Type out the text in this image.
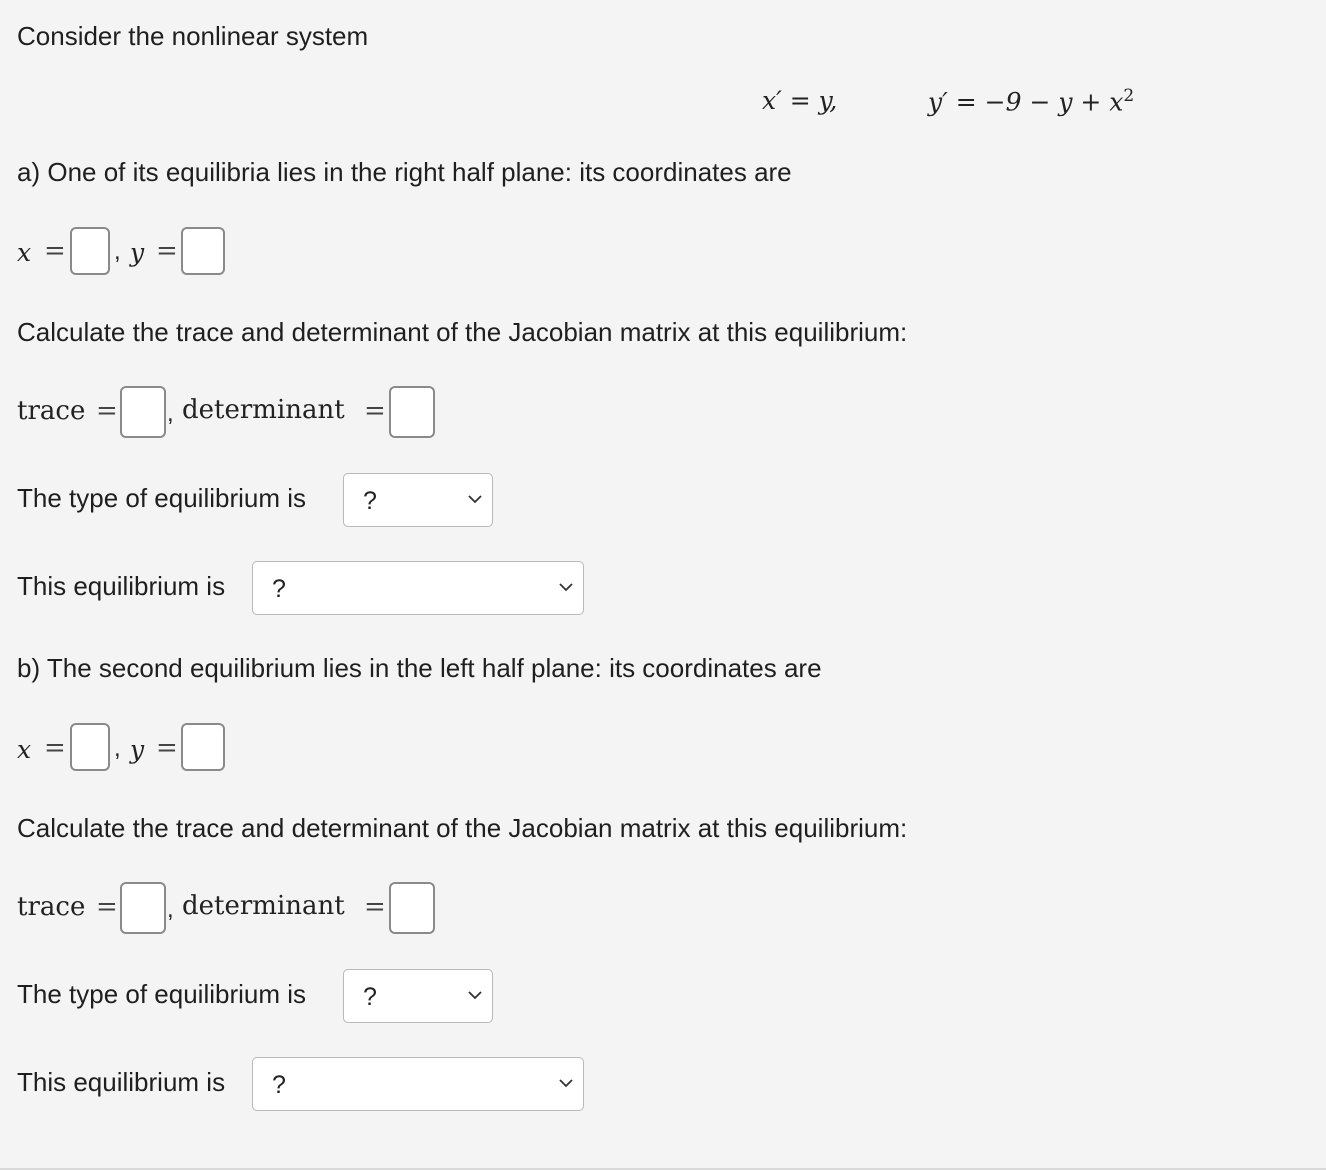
Consider the nonlinear system
x′ = y,	$y' = -9 - y + x^2$
a) One of its equilibria lies in the right half plane: its coordinates are
x = , y =
Calculate the trace and determinant of the Jacobian matrix at this equilibrium:
trace = , determinant =
The type of equilibrium is ?
This equilibrium is ?
b) The second equilibrium lies in the left half plane: its coordinates are
x = , y =
Calculate the trace and determinant of the Jacobian matrix at this equilibrium:
trace = , determinant =
The type of equilibrium is ?
This equilibrium is ?
